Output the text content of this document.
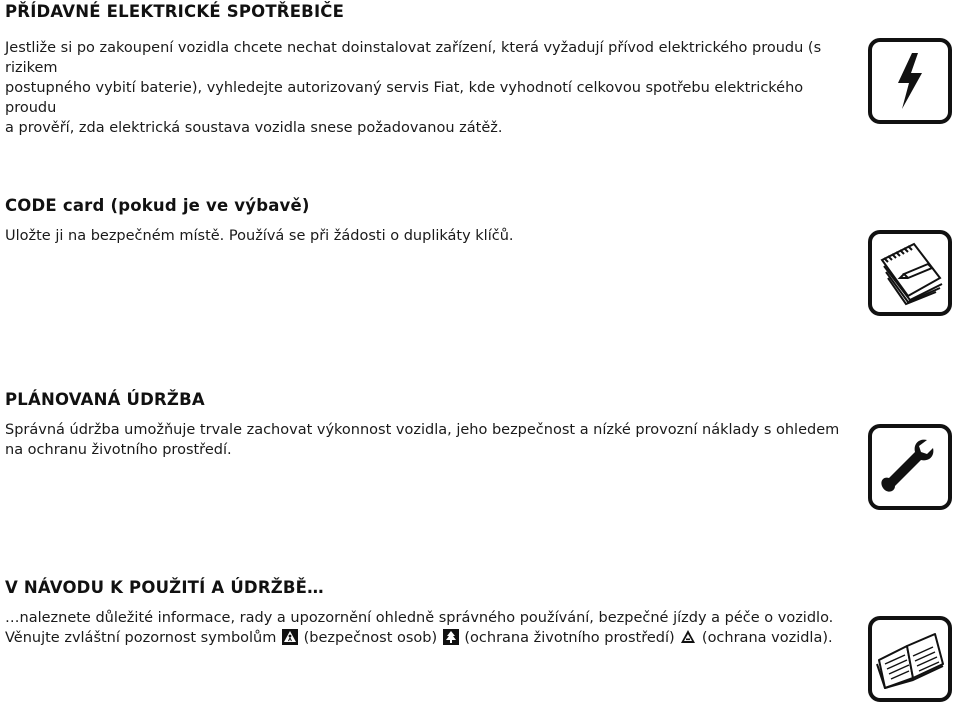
PŘÍDAVNÉ ELEKTRICKÉ SPOTŘEBIČE

Jestliže si po zakoupení vozidla chcete nechat doinstalovat zařízení, která vyžadují přívod elektrického proudu (s rizikem

postupného vybití baterie), vyhledejte autorizovaný servis Fiat, kde vyhodnotí celkovou spotřebu elektrického proudu

a prověří, zda elektrická soustava vozidla snese požadovanou zátěž.

CODE card (pokud je ve výbavě)

Uložte ji na bezpečném místě. Používá se při žádosti o duplikáty klíčů.

PLÁNOVANÁ ÚDRŽBA

Správná údržba umožňuje trvale zachovat výkonnost vozidla, jeho bezpečnost a nízké provozní náklady s ohledem

na ochranu životního prostředí.

V NÁVODU K POUŽITÍ A ÚDRŽBĚ…

…naleznete důležité informace, rady a upozornění ohledně správného používání, bezpečné jízdy a péče o vozidlo.

Věnujte zvláštní pozornost symbolům (bezpečnost osob) (ochrana životního prostředí) (ochrana vozidla).
